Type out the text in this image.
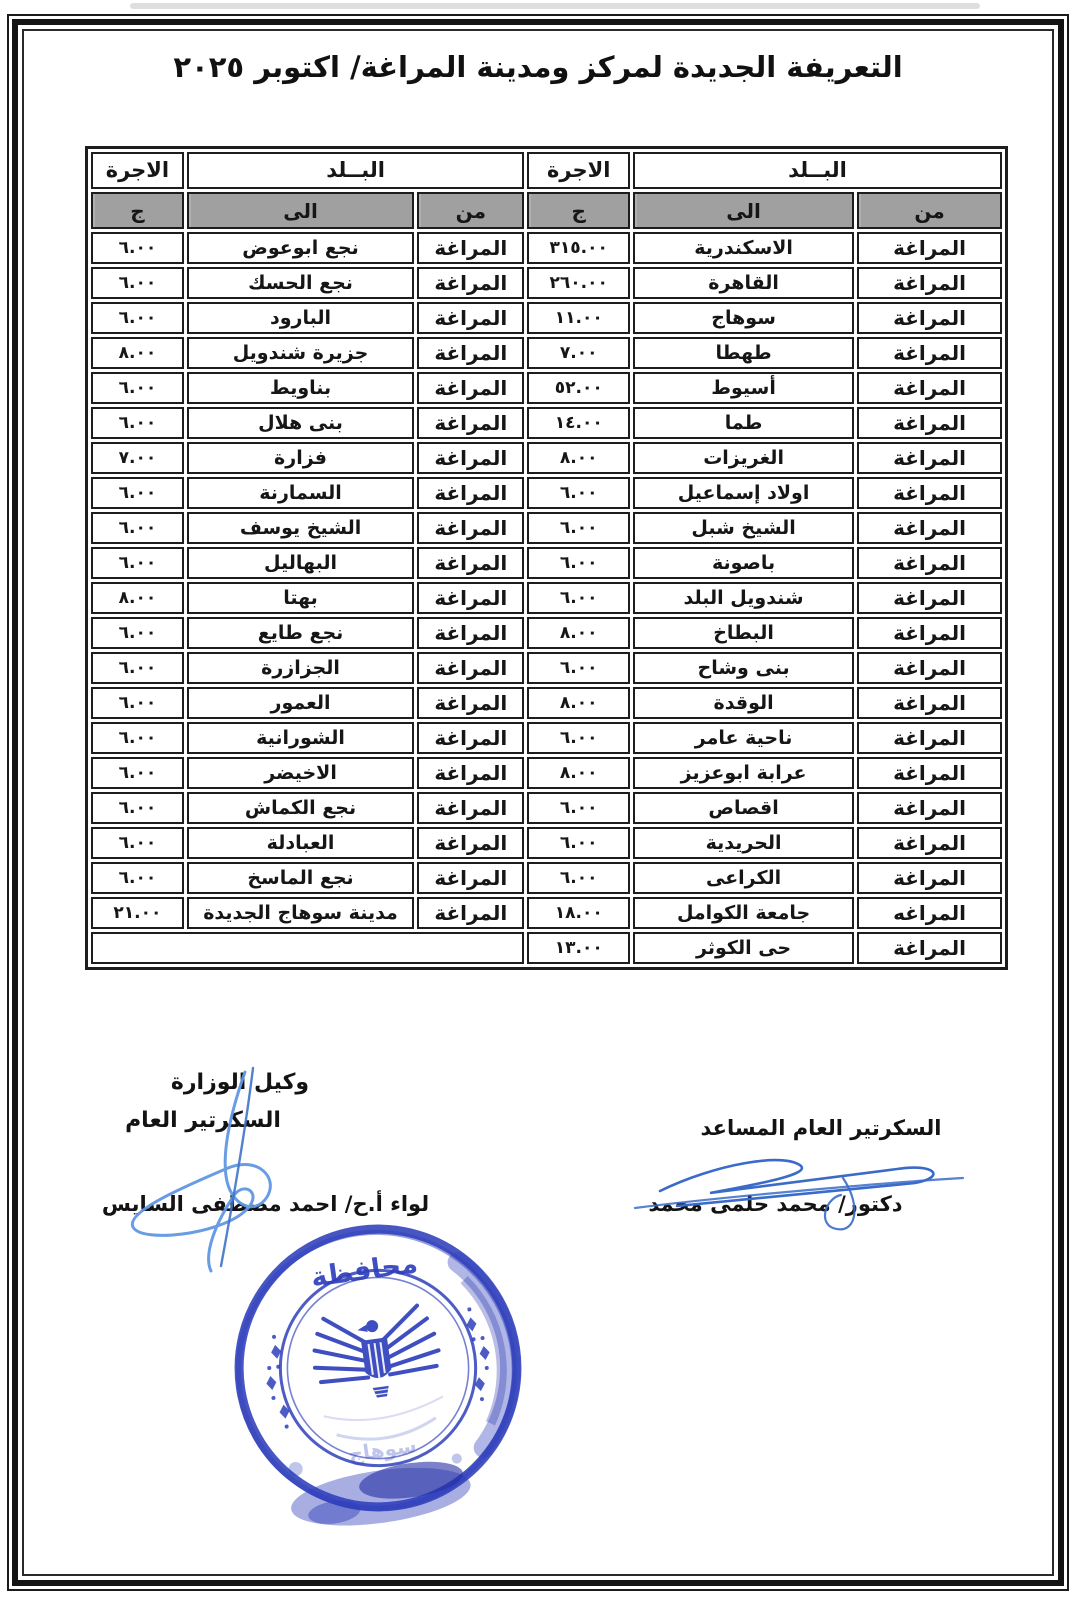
التعريفة الجديدة لمركز ومدينة المراغة/ اكتوبر ٢٠٢٥
البــلد		الاجرة	البــلد		الاجرة
من	الى	ج	من	الى	ج
المراغة	الاسكندرية	٣١٥.٠٠	المراغة	نجع ابوعوض	٦.٠٠
المراغة	القاهرة	٢٦٠.٠٠	المراغة	نجع الحسك	٦.٠٠
المراغة	سوهاج	١١.٠٠	المراغة	البارود	٦.٠٠
المراغة	طهطا	٧.٠٠	المراغة	جزيرة شندويل	٨.٠٠
المراغة	أسيوط	٥٢.٠٠	المراغة	بناويط	٦.٠٠
المراغة	طما	١٤.٠٠	المراغة	بنى هلال	٦.٠٠
المراغة	الغريزات	٨.٠٠	المراغة	فزارة	٧.٠٠
المراغة	اولاد إسماعيل	٦.٠٠	المراغة	السمارنة	٦.٠٠
المراغة	الشيخ شبل	٦.٠٠	المراغة	الشيخ يوسف	٦.٠٠
المراغة	باصونة	٦.٠٠	المراغة	البهاليل	٦.٠٠
المراغة	شندويل البلد	٦.٠٠	المراغة	بهتا	٨.٠٠
المراغة	البطاخ	٨.٠٠	المراغة	نجع طايع	٦.٠٠
المراغة	بنى وشاح	٦.٠٠	المراغة	الجزازرة	٦.٠٠
المراغة	الوقدة	٨.٠٠	المراغة	العمور	٦.٠٠
المراغة	ناحية عامر	٦.٠٠	المراغة	الشورانية	٦.٠٠
المراغة	عرابة ابوعزيز	٨.٠٠	المراغة	الاخيضر	٦.٠٠
المراغة	اقصاص	٦.٠٠	المراغة	نجع الكماش	٦.٠٠
المراغة	الحريدية	٦.٠٠	المراغة	العبادلة	٦.٠٠
المراغة	الكراعى	٦.٠٠	المراغة	نجع الماسخ	٦.٠٠
المراغه	جامعة الكوامل	١٨.٠٠	المراغة	مدينة سوهاج الجديدة	٢١.٠٠
المراغة	حى الكوثر	١٣.٠٠			
وكيل الوزارة
السكرتير العام
لواء أ.ح/ احمد مصطفى السايس
السكرتير العام المساعد
دكتور/ محمد حلمى محمد
محافظة
سوهاج
